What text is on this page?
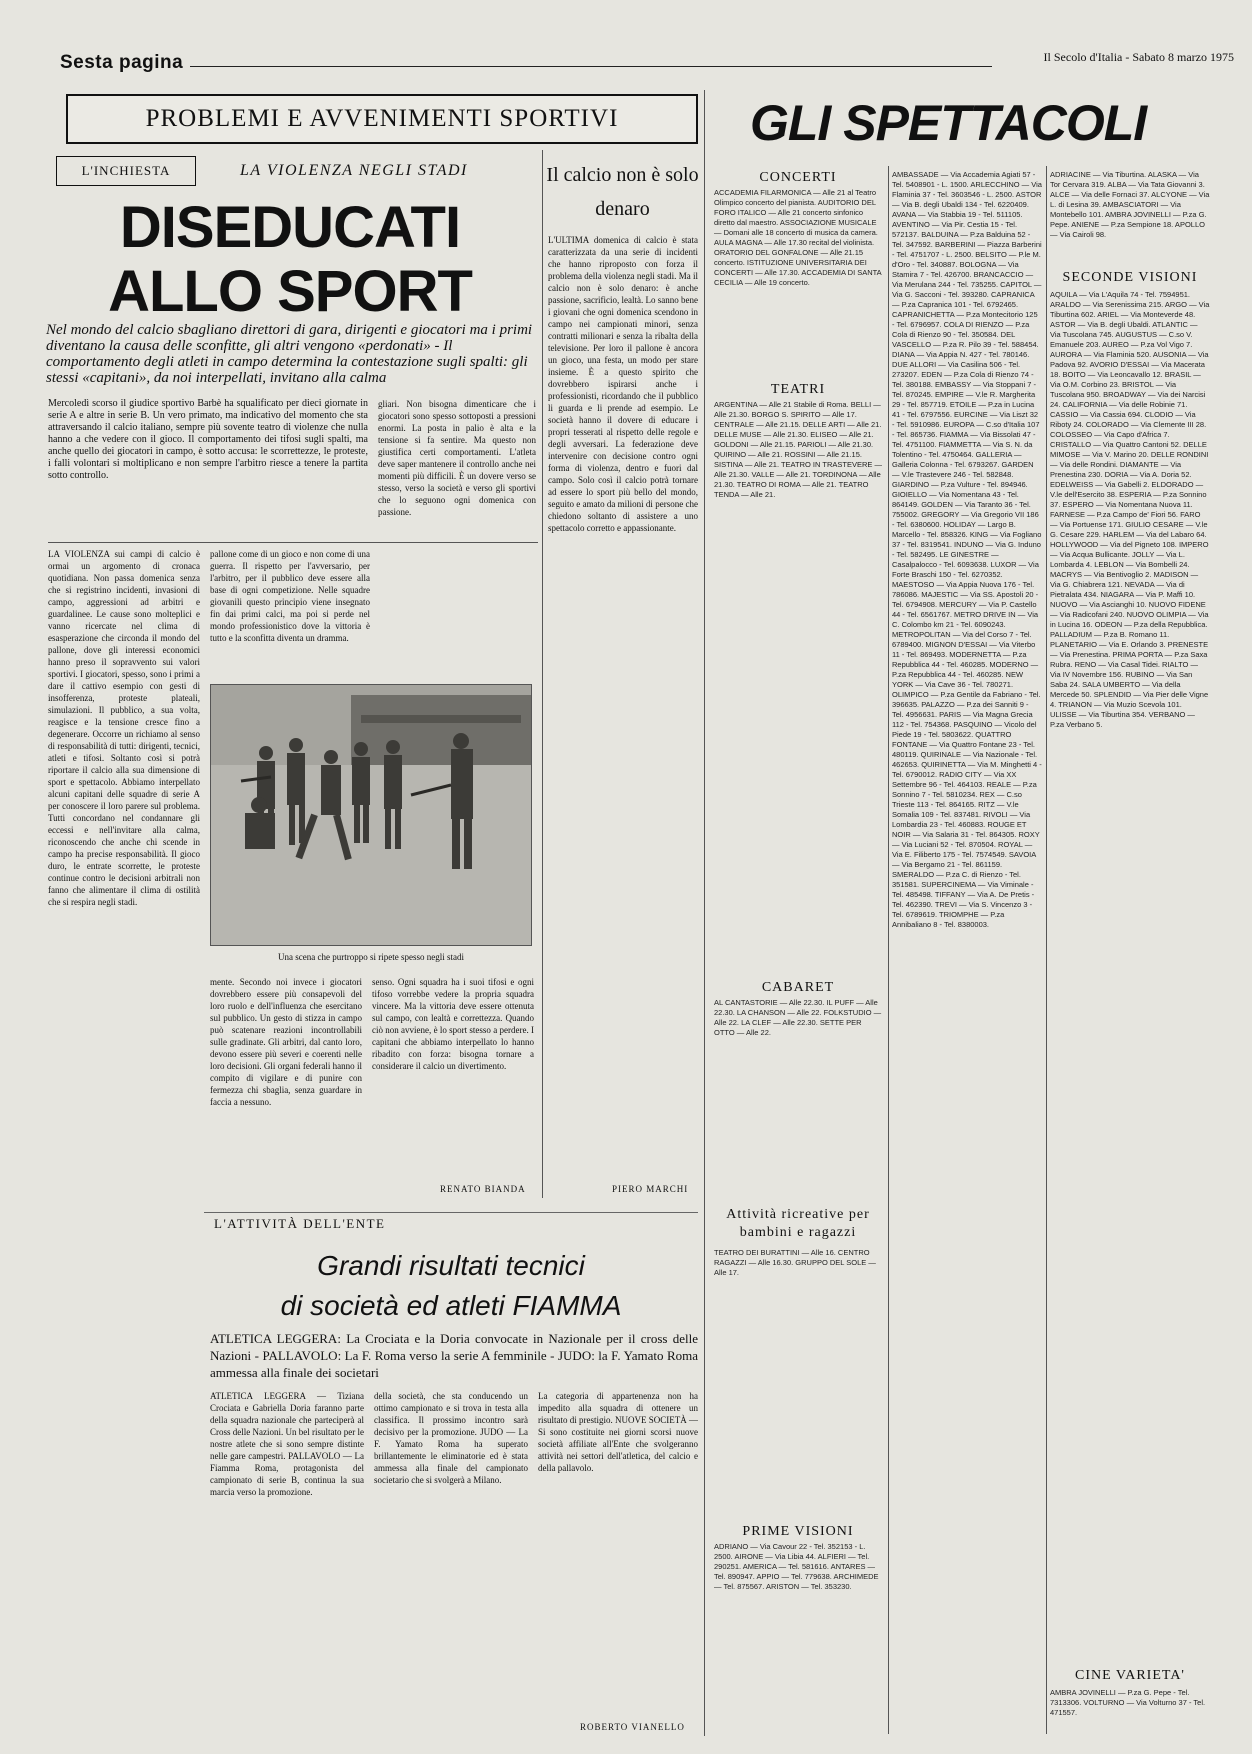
Sesta pagina	Il Secolo d'Italia - Sabato 8 marzo 1975
PROBLEMI E AVVENIMENTI SPORTIVI
L'INCHIESTA	LA VIOLENZA NEGLI STADI
DISEDUCATI ALLO SPORT
Nel mondo del calcio sbagliano direttori di gara, dirigenti e giocatori ma i primi diventano la causa delle sconfitte, gli altri vengono «perdonati» - Il comportamento degli atleti in campo determina la contestazione sugli spalti: gli stessi «capitani», da noi interpellati, invitano alla calma
Mercoledì scorso il giudice sportivo Barbè ha squalificato per dieci giornate in serie A e altre in serie B. Un vero primato, ma indicativo del momento che sta attraversando il calcio italiano, sempre più sovente teatro di violenze che nulla hanno a che vedere con il gioco. Il comportamento dei tifosi sugli spalti, ma anche quello dei giocatori in campo, è sotto accusa: le scorrettezze, le proteste, i falli volontari si moltiplicano e non sempre l'arbitro riesce a tenere la partita sotto controllo.
LA VIOLENZA sui campi di calcio è ormai un argomento di cronaca quotidiana. Non passa domenica senza che si registrino incidenti, invasioni di campo, aggressioni ad arbitri e guardalinee. Le cause sono molteplici e vanno ricercate nel clima di esasperazione che circonda il mondo del pallone, dove gli interessi economici hanno preso il sopravvento sui valori sportivi. I giocatori, spesso, sono i primi a dare il cattivo esempio con gesti di insofferenza, proteste plateali, simulazioni. Il pubblico, a sua volta, reagisce e la tensione cresce fino a degenerare. Occorre un richiamo al senso di responsabilità di tutti: dirigenti, tecnici, atleti e tifosi. Soltanto così si potrà riportare il calcio alla sua dimensione di sport e spettacolo. Abbiamo interpellato alcuni capitani delle squadre di serie A per conoscere il loro parere sul problema. Tutti concordano nel condannare gli eccessi e nell'invitare alla calma, riconoscendo che anche chi scende in campo ha precise responsabilità. Il gioco duro, le entrate scorrette, le proteste continue contro le decisioni arbitrali non fanno che alimentare il clima di ostilità che si respira negli stadi.
pallone come di un gioco e non come di una guerra. Il rispetto per l'avversario, per l'arbitro, per il pubblico deve essere alla base di ogni competizione. Nelle squadre giovanili questo principio viene insegnato fin dai primi calci, ma poi si perde nel mondo professionistico dove la vittoria è tutto e la sconfitta diventa un dramma.
gliari. Non bisogna dimenticare che i giocatori sono spesso sottoposti a pressioni enormi. La posta in palio è alta e la tensione si fa sentire. Ma questo non giustifica certi comportamenti. L'atleta deve saper mantenere il controllo anche nei momenti più difficili. È un dovere verso se stesso, verso la società e verso gli sportivi che lo seguono ogni domenica con passione.
Una scena che purtroppo si ripete spesso negli stadi
mente. Secondo noi invece i giocatori dovrebbero essere più consapevoli del loro ruolo e dell'influenza che esercitano sul pubblico. Un gesto di stizza in campo può scatenare reazioni incontrollabili sulle gradinate. Gli arbitri, dal canto loro, devono essere più severi e coerenti nelle loro decisioni. Gli organi federali hanno il compito di vigilare e di punire con fermezza chi sbaglia, senza guardare in faccia a nessuno.
senso. Ogni squadra ha i suoi tifosi e ogni tifoso vorrebbe vedere la propria squadra vincere. Ma la vittoria deve essere ottenuta sul campo, con lealtà e correttezza. Quando ciò non avviene, è lo sport stesso a perdere. I capitani che abbiamo interpellato lo hanno ribadito con forza: bisogna tornare a considerare il calcio un divertimento.
RENATO BIANDA
Il calcio non è solo denaro
L'ULTIMA domenica di calcio è stata caratterizzata da una serie di incidenti che hanno riproposto con forza il problema della violenza negli stadi. Ma il calcio non è solo denaro: è anche passione, sacrificio, lealtà. Lo sanno bene i giovani che ogni domenica scendono in campo nei campionati minori, senza contratti milionari e senza la ribalta della televisione. Per loro il pallone è ancora un gioco, una festa, un modo per stare insieme. È a questo spirito che dovrebbero ispirarsi anche i professionisti, ricordando che il pubblico li guarda e li prende ad esempio. Le società hanno il dovere di educare i propri tesserati al rispetto delle regole e degli avversari. La federazione deve intervenire con decisione contro ogni forma di violenza, dentro e fuori dal campo. Solo così il calcio potrà tornare ad essere lo sport più bello del mondo, seguito e amato da milioni di persone che chiedono soltanto di assistere a uno spettacolo corretto e appassionante.
PIERO MARCHI
L'ATTIVITÀ DELL'ENTE
Grandi risultati tecnici
di società ed atleti FIAMMA
ATLETICA LEGGERA: La Crociata e la Doria convocate in Nazionale per il cross delle Nazioni - PALLAVOLO: La F. Roma verso la serie A femminile - JUDO: la F. Yamato Roma ammessa alla finale dei societari
ATLETICA LEGGERA — Tiziana Crociata e Gabriella Doria faranno parte della squadra nazionale che parteciperà al Cross delle Nazioni. Un bel risultato per le nostre atlete che si sono sempre distinte nelle gare campestri. PALLAVOLO — La Fiamma Roma, protagonista del campionato di serie B, continua la sua marcia verso la promozione.
della società, che sta conducendo un ottimo campionato e si trova in testa alla classifica. Il prossimo incontro sarà decisivo per la promozione. JUDO — La F. Yamato Roma ha superato brillantemente le eliminatorie ed è stata ammessa alla finale del campionato societario che si svolgerà a Milano.
La categoria di appartenenza non ha impedito alla squadra di ottenere un risultato di prestigio. NUOVE SOCIETÀ — Si sono costituite nei giorni scorsi nuove società affiliate all'Ente che svolgeranno attività nei settori dell'atletica, del calcio e della pallavolo.
ROBERTO VIANELLO
GLI SPETTACOLI
CONCERTI
ACCADEMIA FILARMONICA — Alle 21 al Teatro Olimpico concerto del pianista. AUDITORIO DEL FORO ITALICO — Alle 21 concerto sinfonico diretto dal maestro. ASSOCIAZIONE MUSICALE — Domani alle 18 concerto di musica da camera. AULA MAGNA — Alle 17.30 recital del violinista. ORATORIO DEL GONFALONE — Alle 21.15 concerto. ISTITUZIONE UNIVERSITARIA DEI CONCERTI — Alle 17.30. ACCADEMIA DI SANTA CECILIA — Alle 19 concerto.
TEATRI
ARGENTINA — Alle 21 Stabile di Roma. BELLI — Alle 21.30. BORGO S. SPIRITO — Alle 17. CENTRALE — Alle 21.15. DELLE ARTI — Alle 21. DELLE MUSE — Alle 21.30. ELISEO — Alle 21. GOLDONI — Alle 21.15. PARIOLI — Alle 21.30. QUIRINO — Alle 21. ROSSINI — Alle 21.15. SISTINA — Alle 21. TEATRO IN TRASTEVERE — Alle 21.30. VALLE — Alle 21. TORDINONA — Alle 21.30. TEATRO DI ROMA — Alle 21. TEATRO TENDA — Alle 21.
CABARET
AL CANTASTORIE — Alle 22.30. IL PUFF — Alle 22.30. LA CHANSON — Alle 22. FOLKSTUDIO — Alle 22. LA CLEF — Alle 22.30. SETTE PER OTTO — Alle 22.
Attività ricreative per bambini e ragazzi
TEATRO DEI BURATTINI — Alle 16. CENTRO RAGAZZI — Alle 16.30. GRUPPO DEL SOLE — Alle 17.
PRIME VISIONI
ADRIANO — Via Cavour 22 - Tel. 352153 - L. 2500. AIRONE — Via Libia 44. ALFIERI — Tel. 290251. AMERICA — Tel. 581616. ANTARES — Tel. 890947. APPIO — Tel. 779638. ARCHIMEDE — Tel. 875567. ARISTON — Tel. 353230.
AMBASSADE — Via Accademia Agiati 57 - Tel. 5408901 - L. 1500. ARLECCHINO — Via Flaminia 37 - Tel. 3603546 - L. 2500. ASTOR — Via B. degli Ubaldi 134 - Tel. 6220409. AVANA — Via Stabbia 19 - Tel. 511105. AVENTINO — Via Pir. Cestia 15 - Tel. 572137. BALDUINA — P.za Balduina 52 - Tel. 347592. BARBERINI — Piazza Barberini - Tel. 4751707 - L. 2500. BELSITO — P.le M. d'Oro - Tel. 340887. BOLOGNA — Via Stamira 7 - Tel. 426700. BRANCACCIO — Via Merulana 244 - Tel. 735255. CAPITOL — Via G. Sacconi - Tel. 393280. CAPRANICA — P.za Capranica 101 - Tel. 6792465. CAPRANICHETTA — P.za Montecitorio 125 - Tel. 6796957. COLA DI RIENZO — P.za Cola di Rienzo 90 - Tel. 350584. DEL VASCELLO — P.za R. Pilo 39 - Tel. 588454. DIANA — Via Appia N. 427 - Tel. 780146. DUE ALLORI — Via Casilina 506 - Tel. 273207. EDEN — P.za Cola di Rienzo 74 - Tel. 380188. EMBASSY — Via Stoppani 7 - Tel. 870245. EMPIRE — V.le R. Margherita 29 - Tel. 857719. ETOILE — P.za in Lucina 41 - Tel. 6797556. EURCINE — Via Liszt 32 - Tel. 5910986. EUROPA — C.so d'Italia 107 - Tel. 865736. FIAMMA — Via Bissolati 47 - Tel. 4751100. FIAMMETTA — Via S. N. da Tolentino - Tel. 4750464. GALLERIA — Galleria Colonna - Tel. 6793267. GARDEN — V.le Trastevere 246 - Tel. 582848. GIARDINO — P.za Vulture - Tel. 894946. GIOIELLO — Via Nomentana 43 - Tel. 864149. GOLDEN — Via Taranto 36 - Tel. 755002. GREGORY — Via Gregorio VII 186 - Tel. 6380600. HOLIDAY — Largo B. Marcello - Tel. 858326. KING — Via Fogliano 37 - Tel. 8319541. INDUNO — Via G. Induno - Tel. 582495. LE GINESTRE — Casalpalocco - Tel. 6093638. LUXOR — Via Forte Braschi 150 - Tel. 6270352. MAESTOSO — Via Appia Nuova 176 - Tel. 786086. MAJESTIC — Via SS. Apostoli 20 - Tel. 6794908. MERCURY — Via P. Castello 44 - Tel. 6561767. METRO DRIVE IN — Via C. Colombo km 21 - Tel. 6090243. METROPOLITAN — Via del Corso 7 - Tel. 6789400. MIGNON D'ESSAI — Via Viterbo 11 - Tel. 869493. MODERNETTA — P.za Repubblica 44 - Tel. 460285. MODERNO — P.za Repubblica 44 - Tel. 460285. NEW YORK — Via Cave 36 - Tel. 780271. OLIMPICO — P.za Gentile da Fabriano - Tel. 396635. PALAZZO — P.za dei Sanniti 9 - Tel. 4956631. PARIS — Via Magna Grecia 112 - Tel. 754368. PASQUINO — Vicolo del Piede 19 - Tel. 5803622. QUATTRO FONTANE — Via Quattro Fontane 23 - Tel. 480119. QUIRINALE — Via Nazionale - Tel. 462653. QUIRINETTA — Via M. Minghetti 4 - Tel. 6790012. RADIO CITY — Via XX Settembre 96 - Tel. 464103. REALE — P.za Sonnino 7 - Tel. 5810234. REX — C.so Trieste 113 - Tel. 864165. RITZ — V.le Somalia 109 - Tel. 837481. RIVOLI — Via Lombardia 23 - Tel. 460883. ROUGE ET NOIR — Via Salaria 31 - Tel. 864305. ROXY — Via Luciani 52 - Tel. 870504. ROYAL — Via E. Filiberto 175 - Tel. 7574549. SAVOIA — Via Bergamo 21 - Tel. 861159. SMERALDO — P.za C. di Rienzo - Tel. 351581. SUPERCINEMA — Via Viminale - Tel. 485498. TIFFANY — Via A. De Pretis - Tel. 462390. TREVI — Via S. Vincenzo 3 - Tel. 6789619. TRIOMPHE — P.za Annibaliano 8 - Tel. 8380003.
ADRIACINE — Via Tiburtina. ALASKA — Via Tor Cervara 319. ALBA — Via Tata Giovanni 3. ALCE — Via delle Fornaci 37. ALCYONE — Via L. di Lesina 39. AMBASCIATORI — Via Montebello 101. AMBRA JOVINELLI — P.za G. Pepe. ANIENE — P.za Sempione 18. APOLLO — Via Cairoli 98.
SECONDE VISIONI
AQUILA — Via L'Aquila 74 - Tel. 7594951. ARALDO — Via Serenissima 215. ARGO — Via Tiburtina 602. ARIEL — Via Monteverde 48. ASTOR — Via B. degli Ubaldi. ATLANTIC — Via Tuscolana 745. AUGUSTUS — C.so V. Emanuele 203. AUREO — P.za Vol Vigo 7. AURORA — Via Flaminia 520. AUSONIA — Via Padova 92. AVORIO D'ESSAI — Via Macerata 18. BOITO — Via Leoncavallo 12. BRASIL — Via O.M. Corbino 23. BRISTOL — Via Tuscolana 950. BROADWAY — Via dei Narcisi 24. CALIFORNIA — Via delle Robinie 71. CASSIO — Via Cassia 694. CLODIO — Via Riboty 24. COLORADO — Via Clemente III 28. COLOSSEO — Via Capo d'Africa 7. CRISTALLO — Via Quattro Cantoni 52. DELLE MIMOSE — Via V. Marino 20. DELLE RONDINI — Via delle Rondini. DIAMANTE — Via Prenestina 230. DORIA — Via A. Doria 52. EDELWEISS — Via Gabelli 2. ELDORADO — V.le dell'Esercito 38. ESPERIA — P.za Sonnino 37. ESPERO — Via Nomentana Nuova 11. FARNESE — P.za Campo de' Fiori 56. FARO — Via Portuense 171. GIULIO CESARE — V.le G. Cesare 229. HARLEM — Via del Labaro 64. HOLLYWOOD — Via del Pigneto 108. IMPERO — Via Acqua Bullicante. JOLLY — Via L. Lombarda 4. LEBLON — Via Bombelli 24. MACRYS — Via Bentivoglio 2. MADISON — Via G. Chiabrera 121. NEVADA — Via di Pietralata 434. NIAGARA — Via P. Maffi 10. NUOVO — Via Ascianghi 10. NUOVO FIDENE — Via Radicofani 240. NUOVO OLIMPIA — Via in Lucina 16. ODEON — P.za della Repubblica. PALLADIUM — P.za B. Romano 11. PLANETARIO — Via E. Orlando 3. PRENESTE — Via Prenestina. PRIMA PORTA — P.za Saxa Rubra. RENO — Via Casal Tidei. RIALTO — Via IV Novembre 156. RUBINO — Via San Saba 24. SALA UMBERTO — Via della Mercede 50. SPLENDID — Via Pier delle Vigne 4. TRIANON — Via Muzio Scevola 101. ULISSE — Via Tiburtina 354. VERBANO — P.za Verbano 5.
CINE VARIETA'
AMBRA JOVINELLI — P.za G. Pepe - Tel. 7313306. VOLTURNO — Via Volturno 37 - Tel. 471557.
